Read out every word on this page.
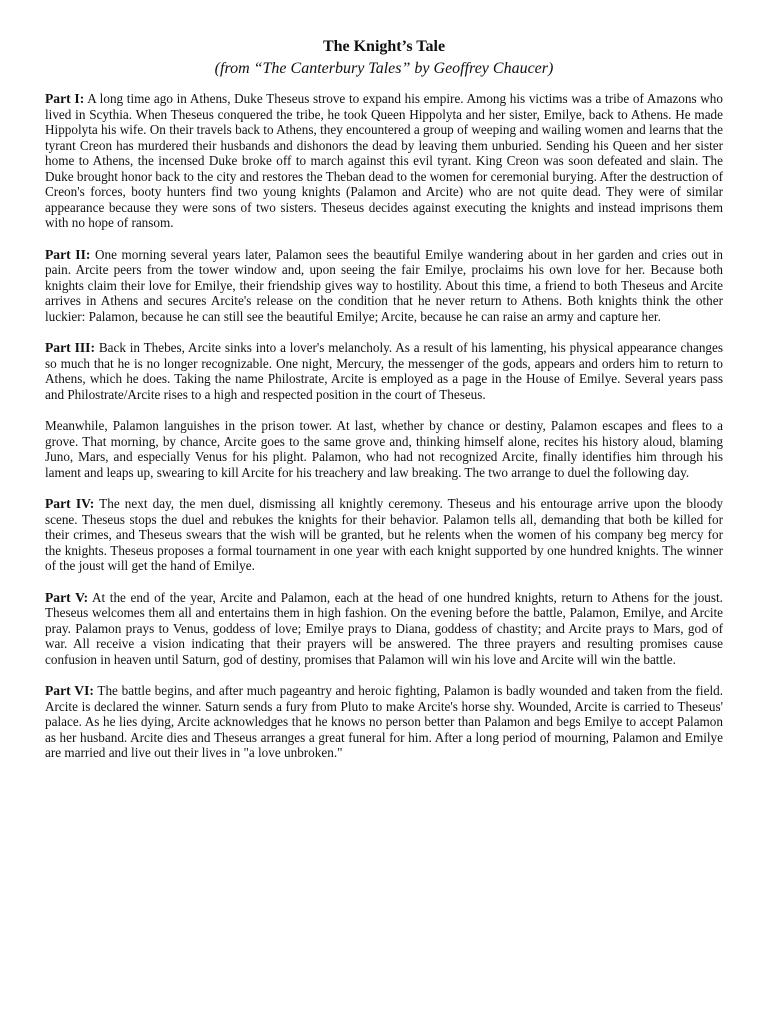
The Knight’s Tale

(from “The Canterbury Tales” by Geoffrey Chaucer)

Part I: A long time ago in Athens, Duke Theseus strove to expand his empire. Among his victims was a tribe of Amazons who lived in Scythia. When Theseus conquered the tribe, he took Queen Hippolyta and her sister, Emilye, back to Athens. He made Hippolyta his wife. On their travels back to Athens, they encountered a group of weeping and wailing women and learns that the tyrant Creon has murdered their husbands and dishonors the dead by leaving them unburied. Sending his Queen and her sister home to Athens, the incensed Duke broke off to march against this evil tyrant. King Creon was soon defeated and slain. The Duke brought honor back to the city and restores the Theban dead to the women for ceremonial burying. After the destruction of Creon's forces, booty hunters find two young knights (Palamon and Arcite) who are not quite dead. They were of similar appearance because they were sons of two sisters. Theseus decides against executing the knights and instead imprisons them with no hope of ransom.

Part II: One morning several years later, Palamon sees the beautiful Emilye wandering about in her garden and cries out in pain. Arcite peers from the tower window and, upon seeing the fair Emilye, proclaims his own love for her. Because both knights claim their love for Emilye, their friendship gives way to hostility. About this time, a friend to both Theseus and Arcite arrives in Athens and secures Arcite's release on the condition that he never return to Athens. Both knights think the other luckier: Palamon, because he can still see the beautiful Emilye; Arcite, because he can raise an army and capture her.

Part III: Back in Thebes, Arcite sinks into a lover's melancholy. As a result of his lamenting, his physical appearance changes so much that he is no longer recognizable. One night, Mercury, the messenger of the gods, appears and orders him to return to Athens, which he does. Taking the name Philostrate, Arcite is employed as a page in the House of Emilye. Several years pass and Philostrate/Arcite rises to a high and respected position in the court of Theseus.

Meanwhile, Palamon languishes in the prison tower. At last, whether by chance or destiny, Palamon escapes and flees to a grove. That morning, by chance, Arcite goes to the same grove and, thinking himself alone, recites his history aloud, blaming Juno, Mars, and especially Venus for his plight. Palamon, who had not recognized Arcite, finally identifies him through his lament and leaps up, swearing to kill Arcite for his treachery and law breaking. The two arrange to duel the following day.

Part IV: The next day, the men duel, dismissing all knightly ceremony. Theseus and his entourage arrive upon the bloody scene. Theseus stops the duel and rebukes the knights for their behavior. Palamon tells all, demanding that both be killed for their crimes, and Theseus swears that the wish will be granted, but he relents when the women of his company beg mercy for the knights. Theseus proposes a formal tournament in one year with each knight supported by one hundred knights. The winner of the joust will get the hand of Emilye.

Part V: At the end of the year, Arcite and Palamon, each at the head of one hundred knights, return to Athens for the joust. Theseus welcomes them all and entertains them in high fashion. On the evening before the battle, Palamon, Emilye, and Arcite pray. Palamon prays to Venus, goddess of love; Emilye prays to Diana, goddess of chastity; and Arcite prays to Mars, god of war. All receive a vision indicating that their prayers will be answered. The three prayers and resulting promises cause confusion in heaven until Saturn, god of destiny, promises that Palamon will win his love and Arcite will win the battle.

Part VI: The battle begins, and after much pageantry and heroic fighting, Palamon is badly wounded and taken from the field. Arcite is declared the winner. Saturn sends a fury from Pluto to make Arcite's horse shy. Wounded, Arcite is carried to Theseus' palace. As he lies dying, Arcite acknowledges that he knows no person better than Palamon and begs Emilye to accept Palamon as her husband. Arcite dies and Theseus arranges a great funeral for him. After a long period of mourning, Palamon and Emilye are married and live out their lives in "a love unbroken."
